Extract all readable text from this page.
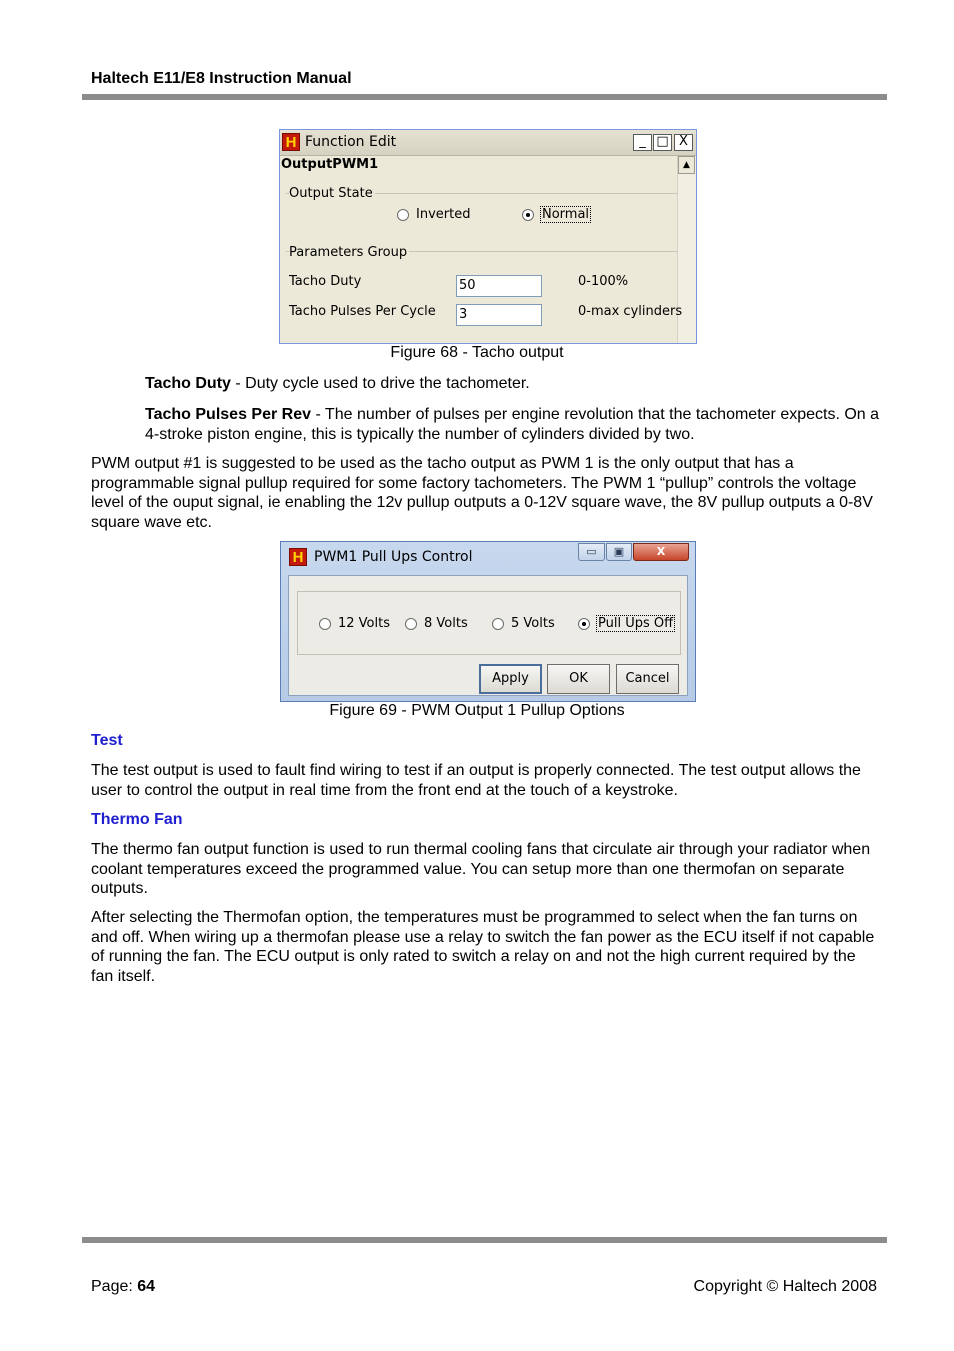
Haltech E11/E8 Instruction Manual
H Function Edit	_ □ X
OutputPWM1	▲
Output State
Inverted	Normal
Parameters Group
Tacho Duty	50	0-100%
Tacho Pulses Per Cycle 3	0-max cylinders
Figure 68 - Tacho output
Tacho Duty - Duty cycle used to drive the tachometer.
Tacho Pulses Per Rev - The number of pulses per engine revolution that the tachometer expects. On a 4-stroke piston engine, this is typically the number of cylinders divided by two.
PWM output #1 is suggested to be used as the tacho output as PWM 1 is the only output that has a programmable signal pullup required for some factory tachometers. The PWM 1 “pullup” controls the voltage level of the ouput signal, ie enabling the 12v pullup outputs a 0-12V square wave, the 8V pullup outputs a 0-8V square wave etc.
H PWM1 Pull Ups Control	▭	▣	X
12 Volts	8 Volts	5 Volts	Pull Ups Off
Apply	OK	Cancel
Figure 69 - PWM Output 1 Pullup Options
Test
The test output is used to fault find wiring to test if an output is properly connected. The test output allows the user to control the output in real time from the front end at the touch of a keystroke.
Thermo Fan
The thermo fan output function is used to run thermal cooling fans that circulate air through your radiator when coolant temperatures exceed the programmed value. You can setup more than one thermofan on separate outputs.
After selecting the Thermofan option, the temperatures must be programmed to select when the fan turns on and off. When wiring up a thermofan please use a relay to switch the fan power as the ECU itself if not capable of running the fan. The ECU output is only rated to switch a relay on and not the high current required by the fan itself.
Page: 64	Copyright © Haltech 2008
